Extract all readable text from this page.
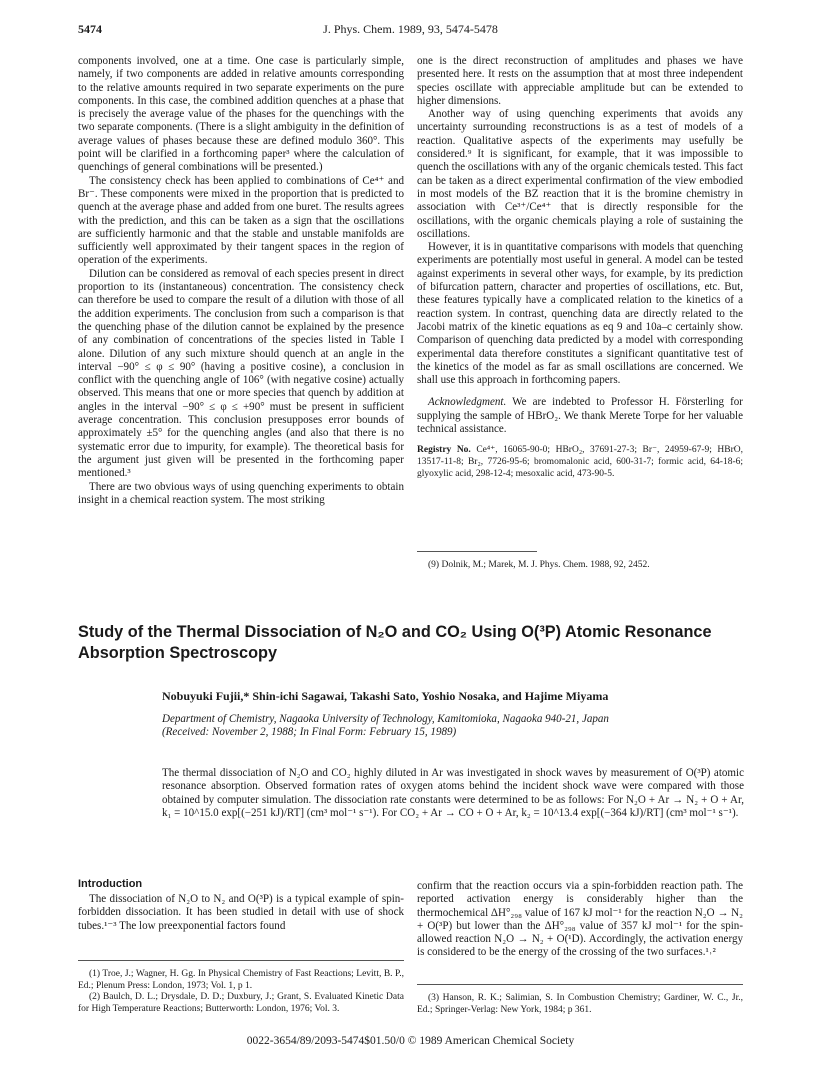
5474	J. Phys. Chem. 1989, 93, 5474-5478

components involved, one at a time. One case is particularly simple, namely, if two components are added in relative amounts corresponding to the relative amounts required in two separate experiments on the pure components. In this case, the combined addition quenches at a phase that is precisely the average value of the phases for the quenchings with the two separate components. (There is a slight ambiguity in the definition of average values of phases because these are defined modulo 360°. This point will be clarified in a forthcoming paper³ where the calculation of quenchings of general combinations will be presented.)

The consistency check has been applied to combinations of Ce⁴⁺ and Br⁻. These components were mixed in the proportion that is predicted to quench at the average phase and added from one buret. The results agrees with the prediction, and this can be taken as a sign that the oscillations are sufficiently harmonic and that the stable and unstable manifolds are sufficiently well approximated by their tangent spaces in the region of operation of the experiments.

Dilution can be considered as removal of each species present in direct proportion to its (instantaneous) concentration. The consistency check can therefore be used to compare the result of a dilution with those of all the addition experiments. The conclusion from such a comparison is that the quenching phase of the dilution cannot be explained by the presence of any combination of concentrations of the species listed in Table I alone. Dilution of any such mixture should quench at an angle in the interval −90° ≤ φ ≤ 90° (having a positive cosine), a conclusion in conflict with the quenching angle of 106° (with negative cosine) actually observed. This means that one or more species that quench by addition at angles in the interval −90° ≤ φ ≤ +90° must be present in sufficient average concentration. This conclusion presupposes error bounds of approximately ±5° for the quenching angles (and also that there is no systematic error due to impurity, for example). The theoretical basis for the argument just given will be presented in the forthcoming paper mentioned.³

There are two obvious ways of using quenching experiments to obtain insight in a chemical reaction system. The most striking

one is the direct reconstruction of amplitudes and phases we have presented here. It rests on the assumption that at most three independent species oscillate with appreciable amplitude but can be extended to higher dimensions.

Another way of using quenching experiments that avoids any uncertainty surrounding reconstructions is as a test of models of a reaction. Qualitative aspects of the experiments may usefully be considered.⁹ It is significant, for example, that it was impossible to quench the oscillations with any of the organic chemicals tested. This fact can be taken as a direct experimental confirmation of the view embodied in most models of the BZ reaction that it is the bromine chemistry in association with Ce³⁺/Ce⁴⁺ that is directly responsible for the oscillations, with the organic chemicals playing a role of sustaining the oscillations.

However, it is in quantitative comparisons with models that quenching experiments are potentially most useful in general. A model can be tested against experiments in several other ways, for example, by its prediction of bifurcation pattern, character and properties of oscillations, etc. But, these features typically have a complicated relation to the kinetics of a reaction system. In contrast, quenching data are directly related to the Jacobi matrix of the kinetic equations as eq 9 and 10a–c certainly show. Comparison of quenching data predicted by a model with corresponding experimental data therefore constitutes a significant quantitative test of the kinetics of the model as far as small oscillations are concerned. We shall use this approach in forthcoming papers.

Acknowledgment. We are indebted to Professor H. Försterling for supplying the sample of HBrO₂. We thank Merete Torpe for her valuable technical assistance.

Registry No. Ce⁴⁺, 16065-90-0; HBrO₂, 37691-27-3; Br⁻, 24959-67-9; HBrO, 13517-11-8; Br₂, 7726-95-6; bromomalonic acid, 600-31-7; formic acid, 64-18-6; glyoxylic acid, 298-12-4; mesoxalic acid, 473-90-5.

(9) Dolnik, M.; Marek, M. J. Phys. Chem. 1988, 92, 2452.

Study of the Thermal Dissociation of N₂O and CO₂ Using O(³P) Atomic Resonance Absorption Spectroscopy
Nobuyuki Fujii,* Shin-ichi Sagawai, Takashi Sato, Yoshio Nosaka, and Hajime Miyama
Department of Chemistry, Nagaoka University of Technology, Kamitomioka, Nagaoka 940-21, Japan
(Received: November 2, 1988; In Final Form: February 15, 1989)
The thermal dissociation of N₂O and CO₂ highly diluted in Ar was investigated in shock waves by measurement of O(³P) atomic resonance absorption. Observed formation rates of oxygen atoms behind the incident shock wave were compared with those obtained by computer simulation. The dissociation rate constants were determined to be as follows: For N₂O + Ar → N₂ + O + Ar, k₁ = 10^15.0 exp[(−251 kJ)/RT] (cm³ mol⁻¹ s⁻¹). For CO₂ + Ar → CO + O + Ar, k₂ = 10^13.4 exp[(−364 kJ)/RT] (cm³ mol⁻¹ s⁻¹).
Introduction

The dissociation of N₂O to N₂ and O(³P) is a typical example of spin-forbidden dissociation. It has been studied in detail with use of shock tubes.¹⁻³ The low preexponential factors found

confirm that the reaction occurs via a spin-forbidden reaction path. The reported activation energy is considerably higher than the thermochemical ΔH°₂₉₈ value of 167 kJ mol⁻¹ for the reaction N₂O → N₂ + O(³P) but lower than the ΔH°₂₉₈ value of 357 kJ mol⁻¹ for the spin-allowed reaction N₂O → N₂ + O(¹D). Accordingly, the activation energy is considered to be the energy of the crossing of the two surfaces.¹˒²

(1) Troe, J.; Wagner, H. Gg. In Physical Chemistry of Fast Reactions; Levitt, B. P., Ed.; Plenum Press: London, 1973; Vol. 1, p 1.

(2) Baulch, D. L.; Drysdale, D. D.; Duxbury, J.; Grant, S. Evaluated Kinetic Data for High Temperature Reactions; Butterworth: London, 1976; Vol. 3.

(3) Hanson, R. K.; Salimian, S. In Combustion Chemistry; Gardiner, W. C., Jr., Ed.; Springer-Verlag: New York, 1984; p 361.

0022-3654/89/2093-5474$01.50/0 © 1989 American Chemical Society
